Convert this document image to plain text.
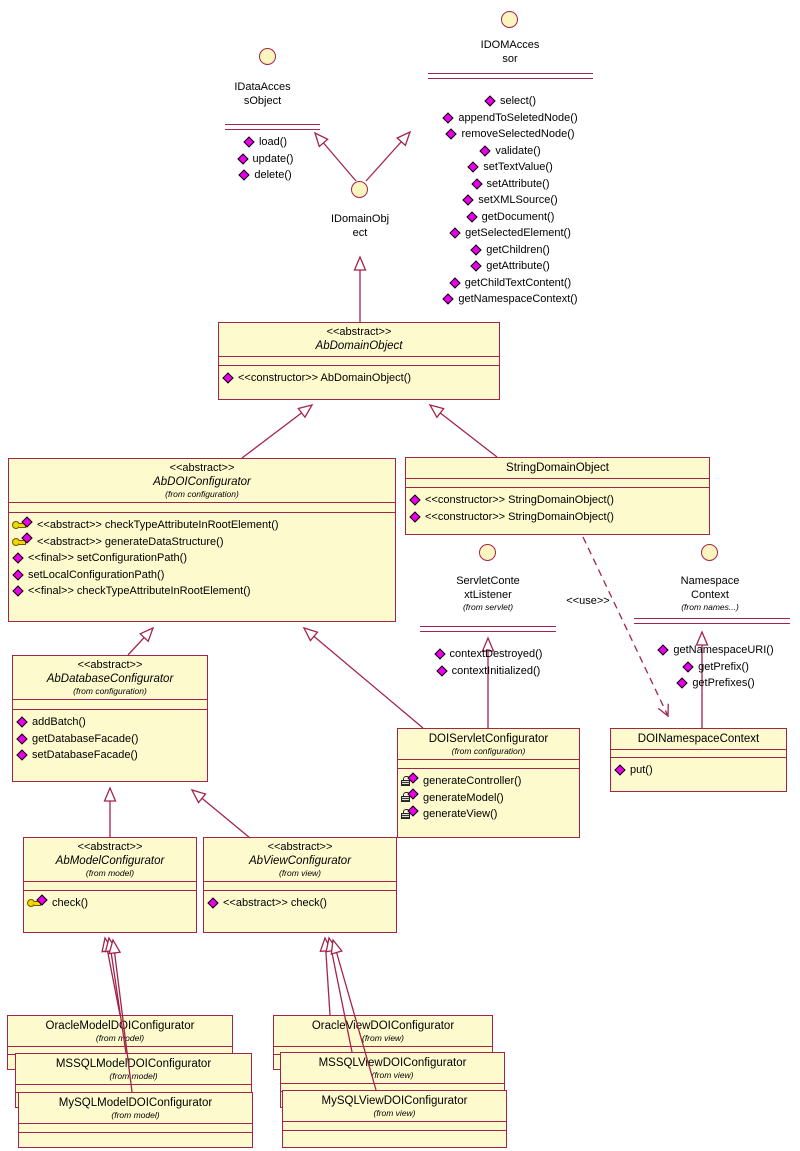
<<use>>
IDataAcces
sObject
load()
update()
delete()
IDOMAcces
sor
select()
appendToSeletedNode()
removeSelectedNode()
validate()
setTextValue()
setAttribute()
setXMLSource()
getDocument()
getSelectedElement()
getChildren()
getAttribute()
getChildTextContent()
getNamespaceContext()
IDomainObj
ect
ServletConte
xtListener
(from servlet)
contextDestroyed()
contextInitialized()
Namespace
Context
(from names...)
getNamespaceURI()
getPrefix()
getPrefixes()
<<abstract>>
AbDomainObject
<<constructor>> AbDomainObject()
<<abstract>>
AbDOIConfigurator
(from configuration)
<<abstract>> checkTypeAttributeInRootElement()
<<abstract>> generateDataStructure()
<<final>> setConfigurationPath()
setLocalConfigurationPath()
<<final>> checkTypeAttributeInRootElement()
StringDomainObject
<<constructor>> StringDomainObject()
<<constructor>> StringDomainObject()
<<abstract>>
AbDatabaseConfigurator
(from configuration)
addBatch()
getDatabaseFacade()
setDatabaseFacade()
DOIServletConfigurator
(from configuration)
generateController()
generateModel()
generateView()
DOINamespaceContext
put()
<<abstract>>
AbModelConfigurator
(from model)
check()
<<abstract>>
AbViewConfigurator
(from view)
<<abstract>> check()
OracleModelDOIConfigurator
(from model)
MSSQLModelDOIConfigurator
(from model)
MySQLModelDOIConfigurator
(from model)
OracleViewDOIConfigurator
(from view)
MSSQLViewDOIConfigurator
(from view)
MySQLViewDOIConfigurator
(from view)
